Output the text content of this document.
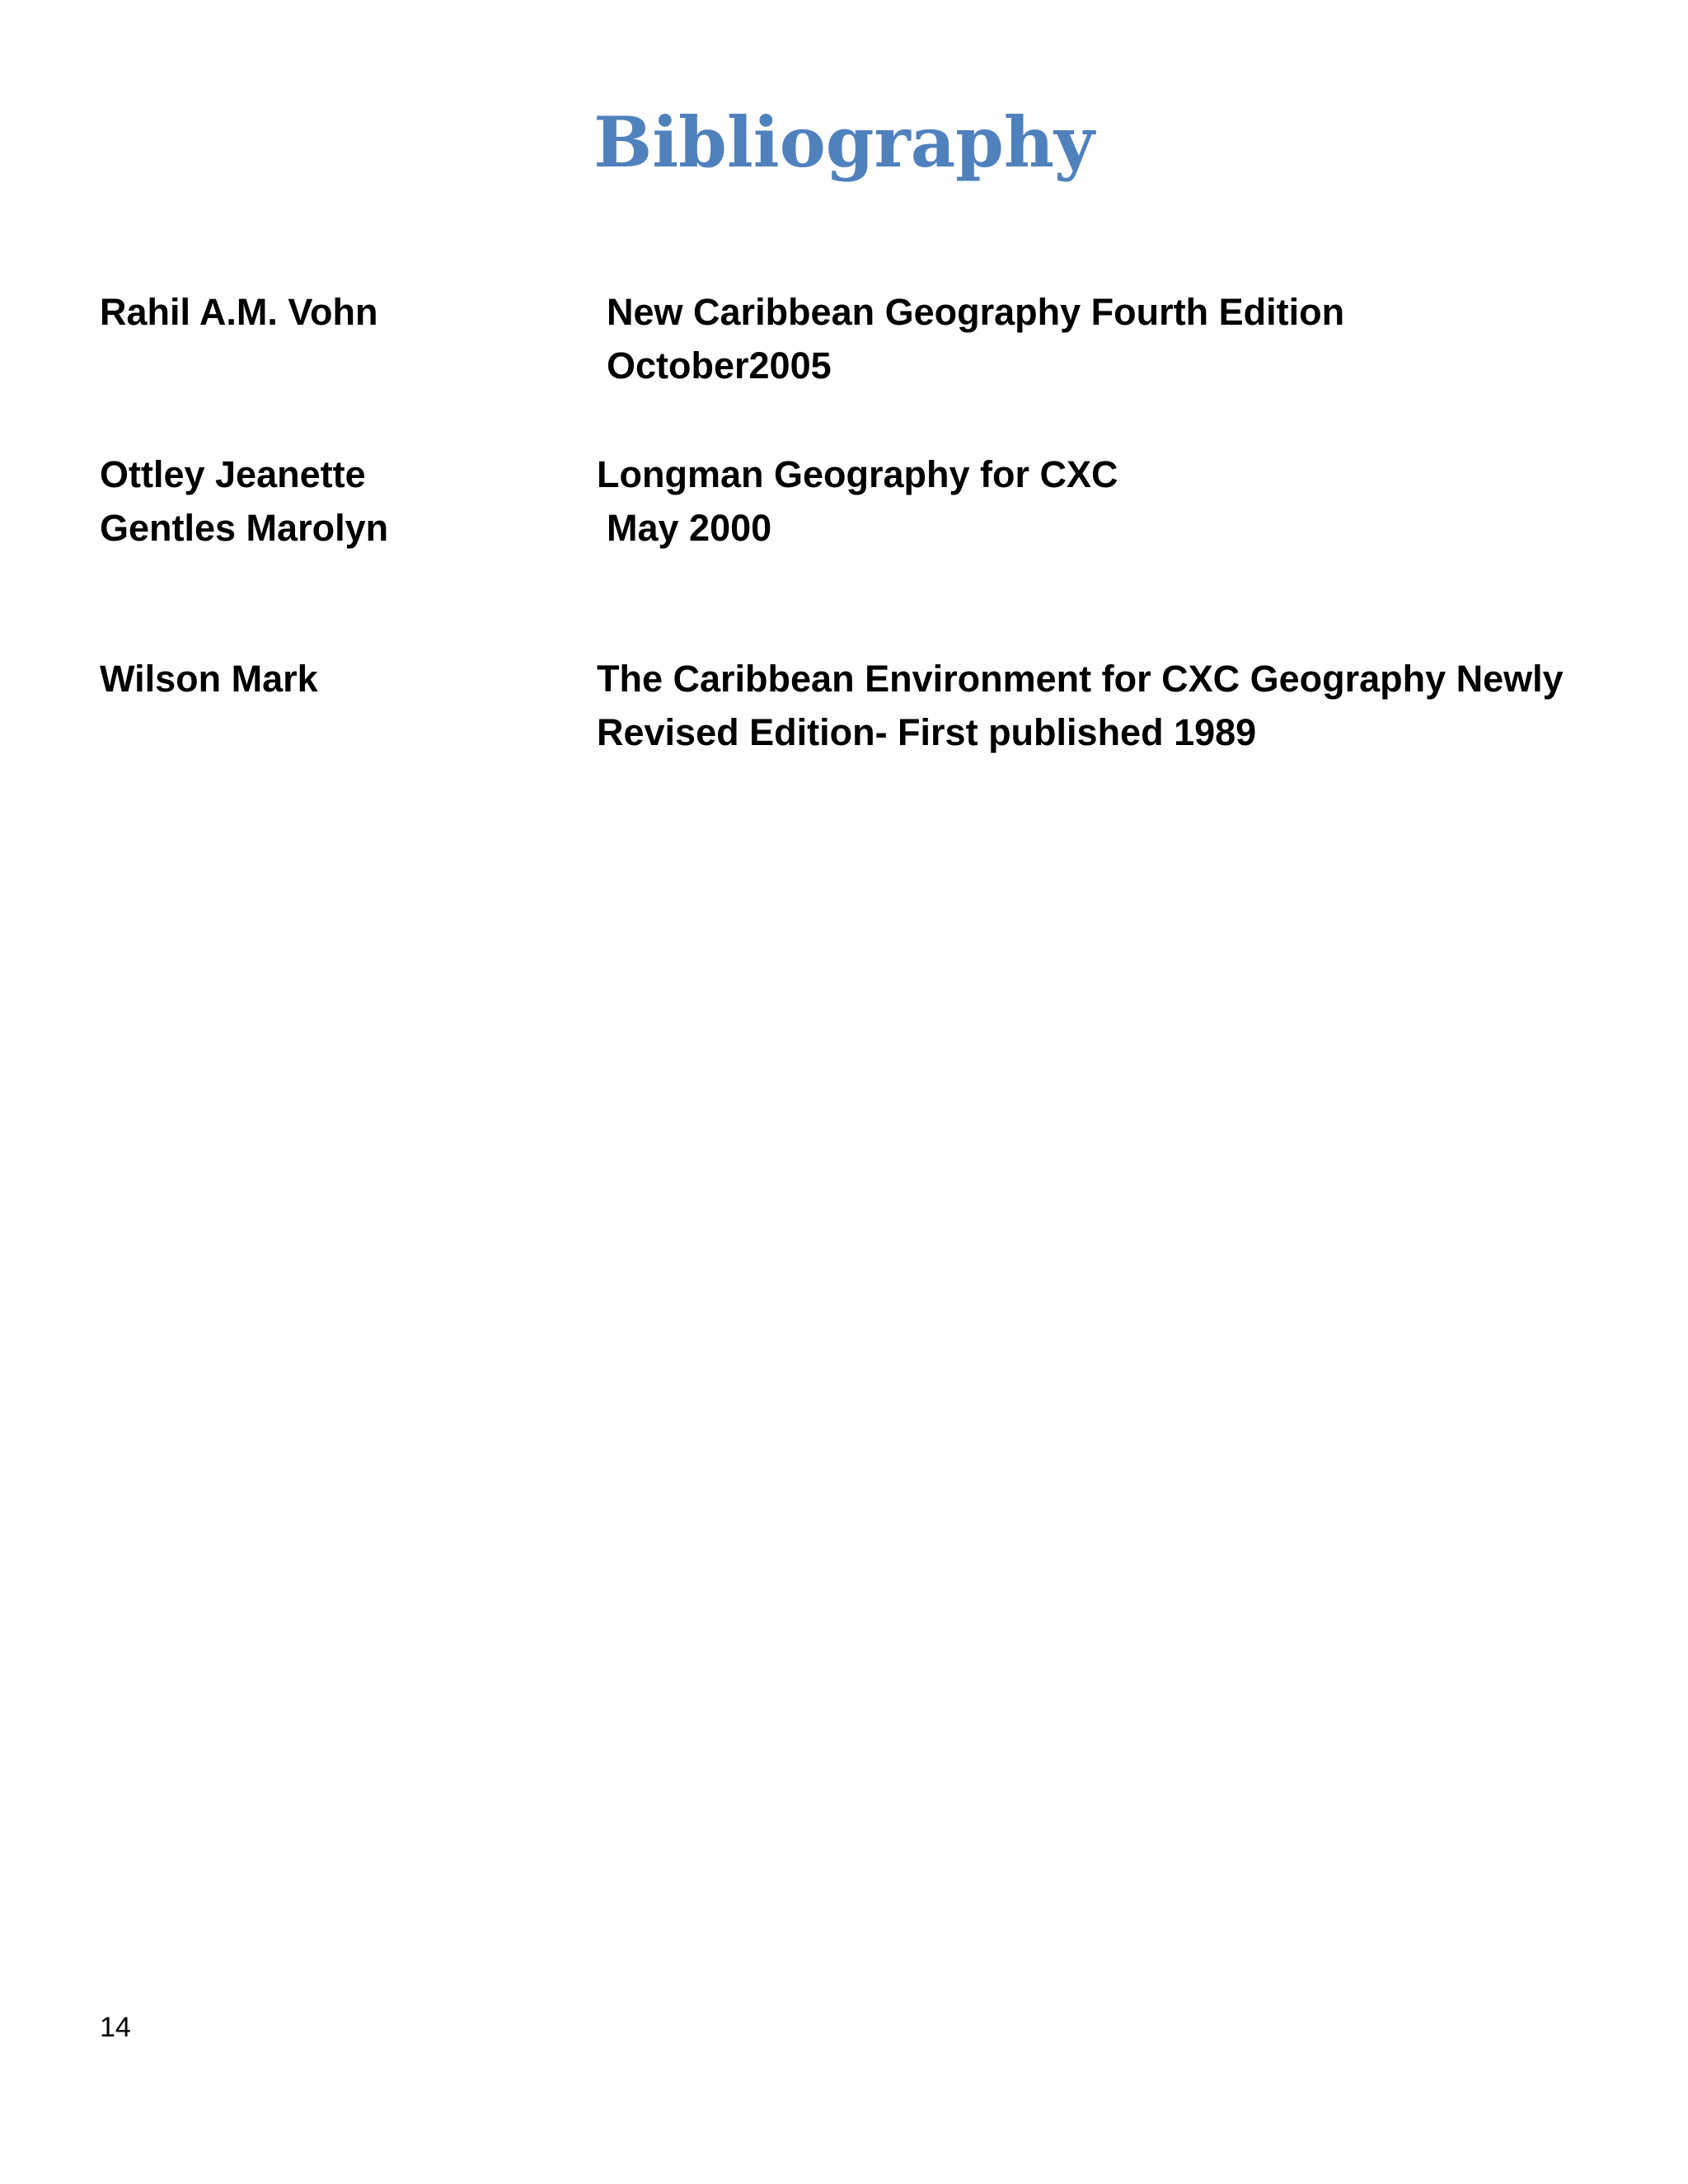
Bibliography
Rahil A.M. Vohn	New Caribbean Geography Fourth Edition
October2005
Ottley Jeanette
Gentles Marolyn
Longman Geography for CXC
May 2000
Wilson Mark	The Caribbean Environment for CXC Geography Newly
Revised Edition- First published 1989
14
